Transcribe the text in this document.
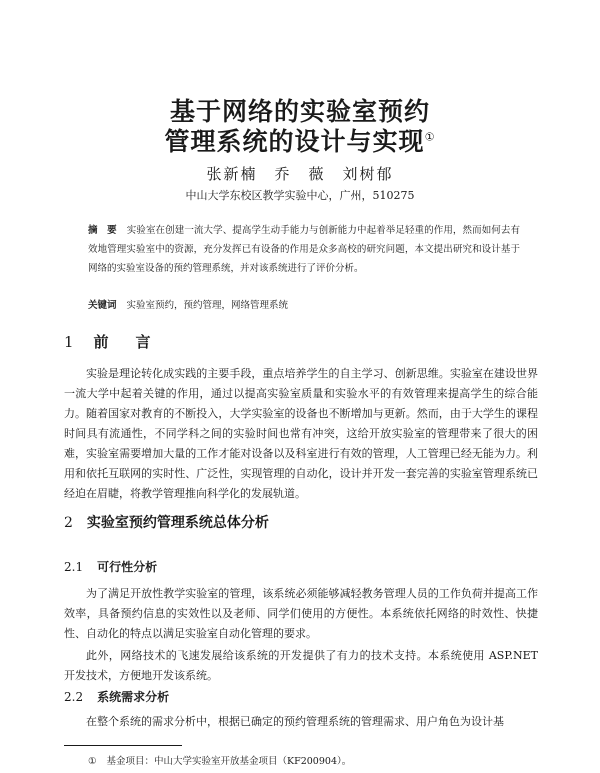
基于网络的实验室预约
管理系统的设计与实现①
张新楠　乔　薇　刘树郁
中山大学东校区教学实验中心，广州，510275
摘　要 实验室在创建一流大学、提高学生动手能力与创新能力中起着举足轻重的作用，然而如何去有效地管理实验室中的资源，充分发挥已有设备的作用是众多高校的研究问题，本文提出研究和设计基于网络的实验室设备的预约管理系统，并对该系统进行了评价分析。
关键词 实验室预约，预约管理，网络管理系统
1 前　言

实验是理论转化成实践的主要手段，重点培养学生的自主学习、创新思维。实验室在建设世界一流大学中起着关键的作用，通过以提高实验室质量和实验水平的有效管理来提高学生的综合能力。随着国家对教育的不断投入，大学实验室的设备也不断增加与更新。然而，由于大学生的课程时间具有流通性，不同学科之间的实验时间也常有冲突，这给开放实验室的管理带来了很大的困难，实验室需要增加大量的工作才能对设备以及科室进行有效的管理，人工管理已经无能为力。利用和依托互联网的实时性、广泛性，实现管理的自动化，设计并开发一套完善的实验室管理系统已经迫在眉睫，将教学管理推向科学化的发展轨道。

2 实验室预约管理系统总体分析
2.1 可行性分析

为了满足开放性教学实验室的管理，该系统必须能够减轻教务管理人员的工作负荷并提高工作效率，具备预约信息的实效性以及老师、同学们使用的方便性。本系统依托网络的时效性、快捷性、自动化的特点以满足实验室自动化管理的要求。

此外，网络技术的飞速发展给该系统的开发提供了有力的技术支持。本系统使用 ASP.NET 开发技术，方便地开发该系统。

2.2 系统需求分析

在整个系统的需求分析中，根据已确定的预约管理系统的管理需求、用户角色为设计基

① 基金项目：中山大学实验室开放基金项目（KF200904）。
